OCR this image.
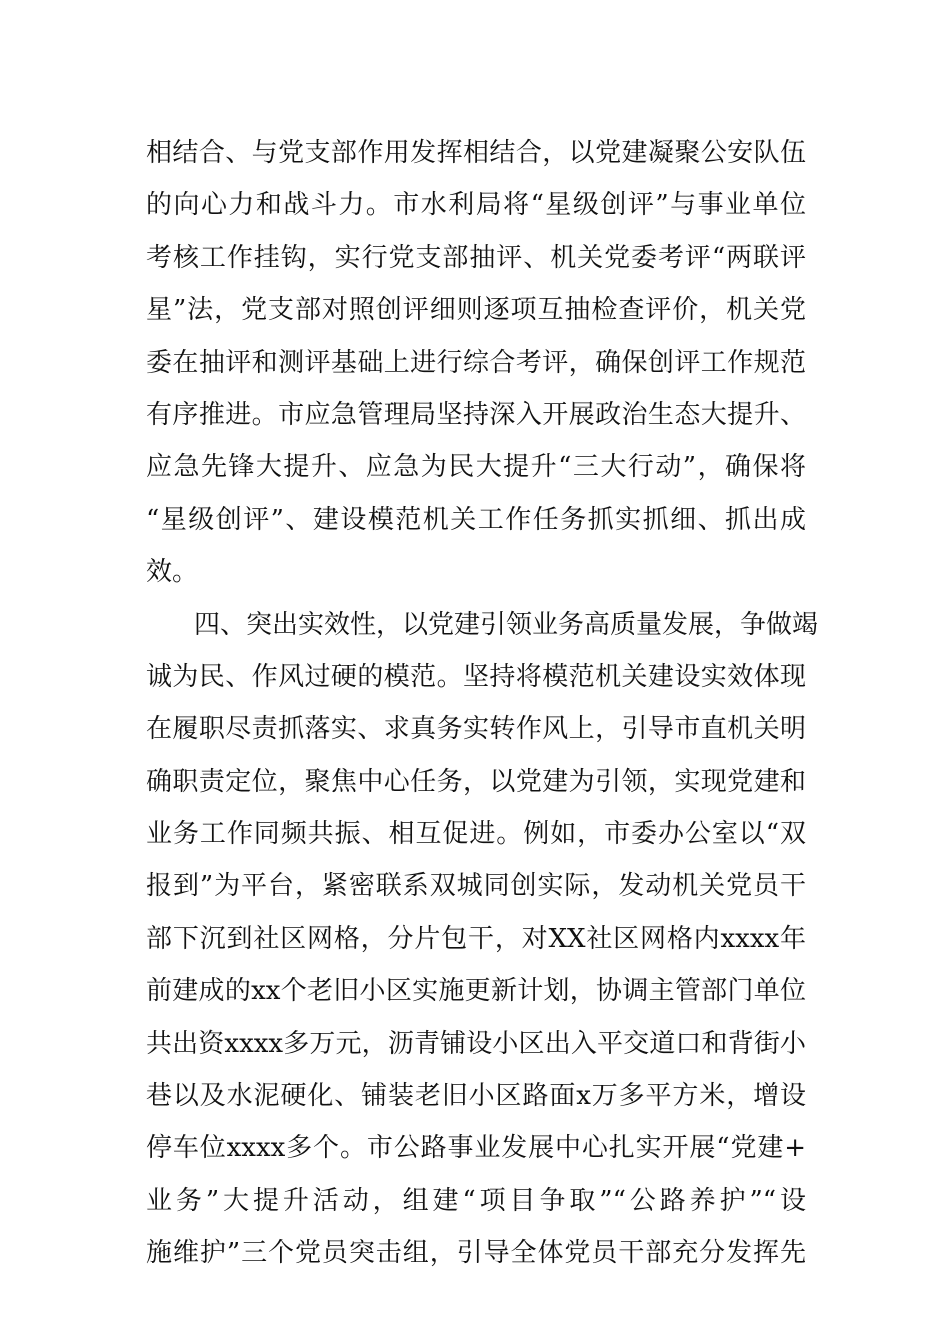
相结合、与党支部作用发挥相结合，以党建凝聚公安队伍
的向心力和战斗力。市水利局将“星级创评”与事业单位
考核工作挂钩，实行党支部抽评、机关党委考评“两联评
星”法，党支部对照创评细则逐项互抽检查评价，机关党
委在抽评和测评基础上进行综合考评，确保创评工作规范
有序推进。市应急管理局坚持深入开展政治生态大提升、
应急先锋大提升、应急为民大提升“三大行动”，确保将
“星级创评”、建设模范机关工作任务抓实抓细、抓出成
效。
四、突出实效性，以党建引领业务高质量发展，争做竭
诚为民、作风过硬的模范。坚持将模范机关建设实效体现
在履职尽责抓落实、求真务实转作风上，引导市直机关明
确职责定位，聚焦中心任务，以党建为引领，实现党建和
业务工作同频共振、相互促进。例如，市委办公室以“双
报到”为平台，紧密联系双城同创实际，发动机关党员干
部下沉到社区网格，分片包干，对XX社区网格内xxxx年
前建成的xx个老旧小区实施更新计划，协调主管部门单位
共出资xxxx多万元，沥青铺设小区出入平交道口和背街小
巷以及水泥硬化、铺装老旧小区路面x万多平方米，增设
停车位xxxx多个。市公路事业发展中心扎实开展“党建+
业务”大提升活动，组建“项目争取”“公路养护”“设
施维护”三个党员突击组，引导全体党员干部充分发挥先
